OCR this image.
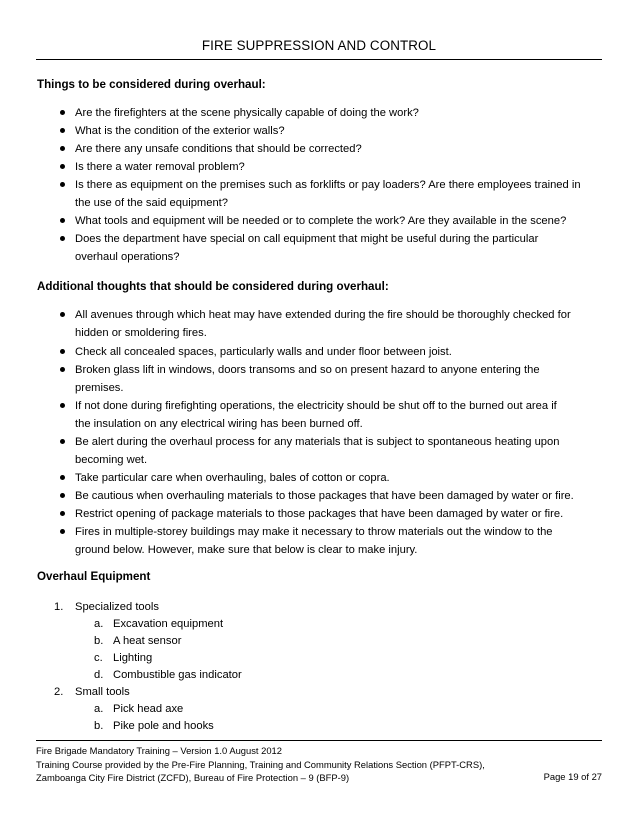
FIRE SUPPRESSION AND CONTROL
Things to be considered during overhaul:
Are the firefighters at the scene physically capable of doing the work?
What is the condition of the exterior walls?
Are there any unsafe conditions that should be corrected?
Is there a water removal problem?
Is there as equipment on the premises such as forklifts or pay loaders? Are there employees trained in
the use of the said equipment?
What tools and equipment will be needed or to complete the work? Are they available in the scene?
Does the department have special on call equipment that might be useful during the particular
overhaul operations?
Additional thoughts that should be considered during overhaul:
All avenues through which heat may have extended during the fire should be thoroughly checked for
hidden or smoldering fires.
Check all concealed spaces, particularly walls and under floor between joist.
Broken glass lift in windows, doors transoms and so on present hazard to anyone entering the
premises.
If not done during firefighting operations, the electricity should be shut off to the burned out area if
the insulation on any electrical wiring has been burned off.
Be alert during the overhaul process for any materials that is subject to spontaneous heating upon
becoming wet.
Take particular care when overhauling, bales of cotton or copra.
Be cautious when overhauling materials to those packages that have been damaged by water or fire.
Restrict opening of package materials to those packages that have been damaged by water or fire.
Fires in multiple-storey buildings may make it necessary to throw materials out the window to the
ground below. However, make sure that below is clear to make injury.
Overhaul Equipment
1. Specialized tools
a. Excavation equipment
b. A heat sensor
c. Lighting
d. Combustible gas indicator
2. Small tools
a. Pick head axe
b. Pike pole and hooks
Fire Brigade Mandatory Training – Version 1.0 August 2012
Training Course provided by the Pre-Fire Planning, Training and Community Relations Section (PFPT-CRS),
Zamboanga City Fire District (ZCFD), Bureau of Fire Protection – 9 (BFP-9)	Page 19 of 27
